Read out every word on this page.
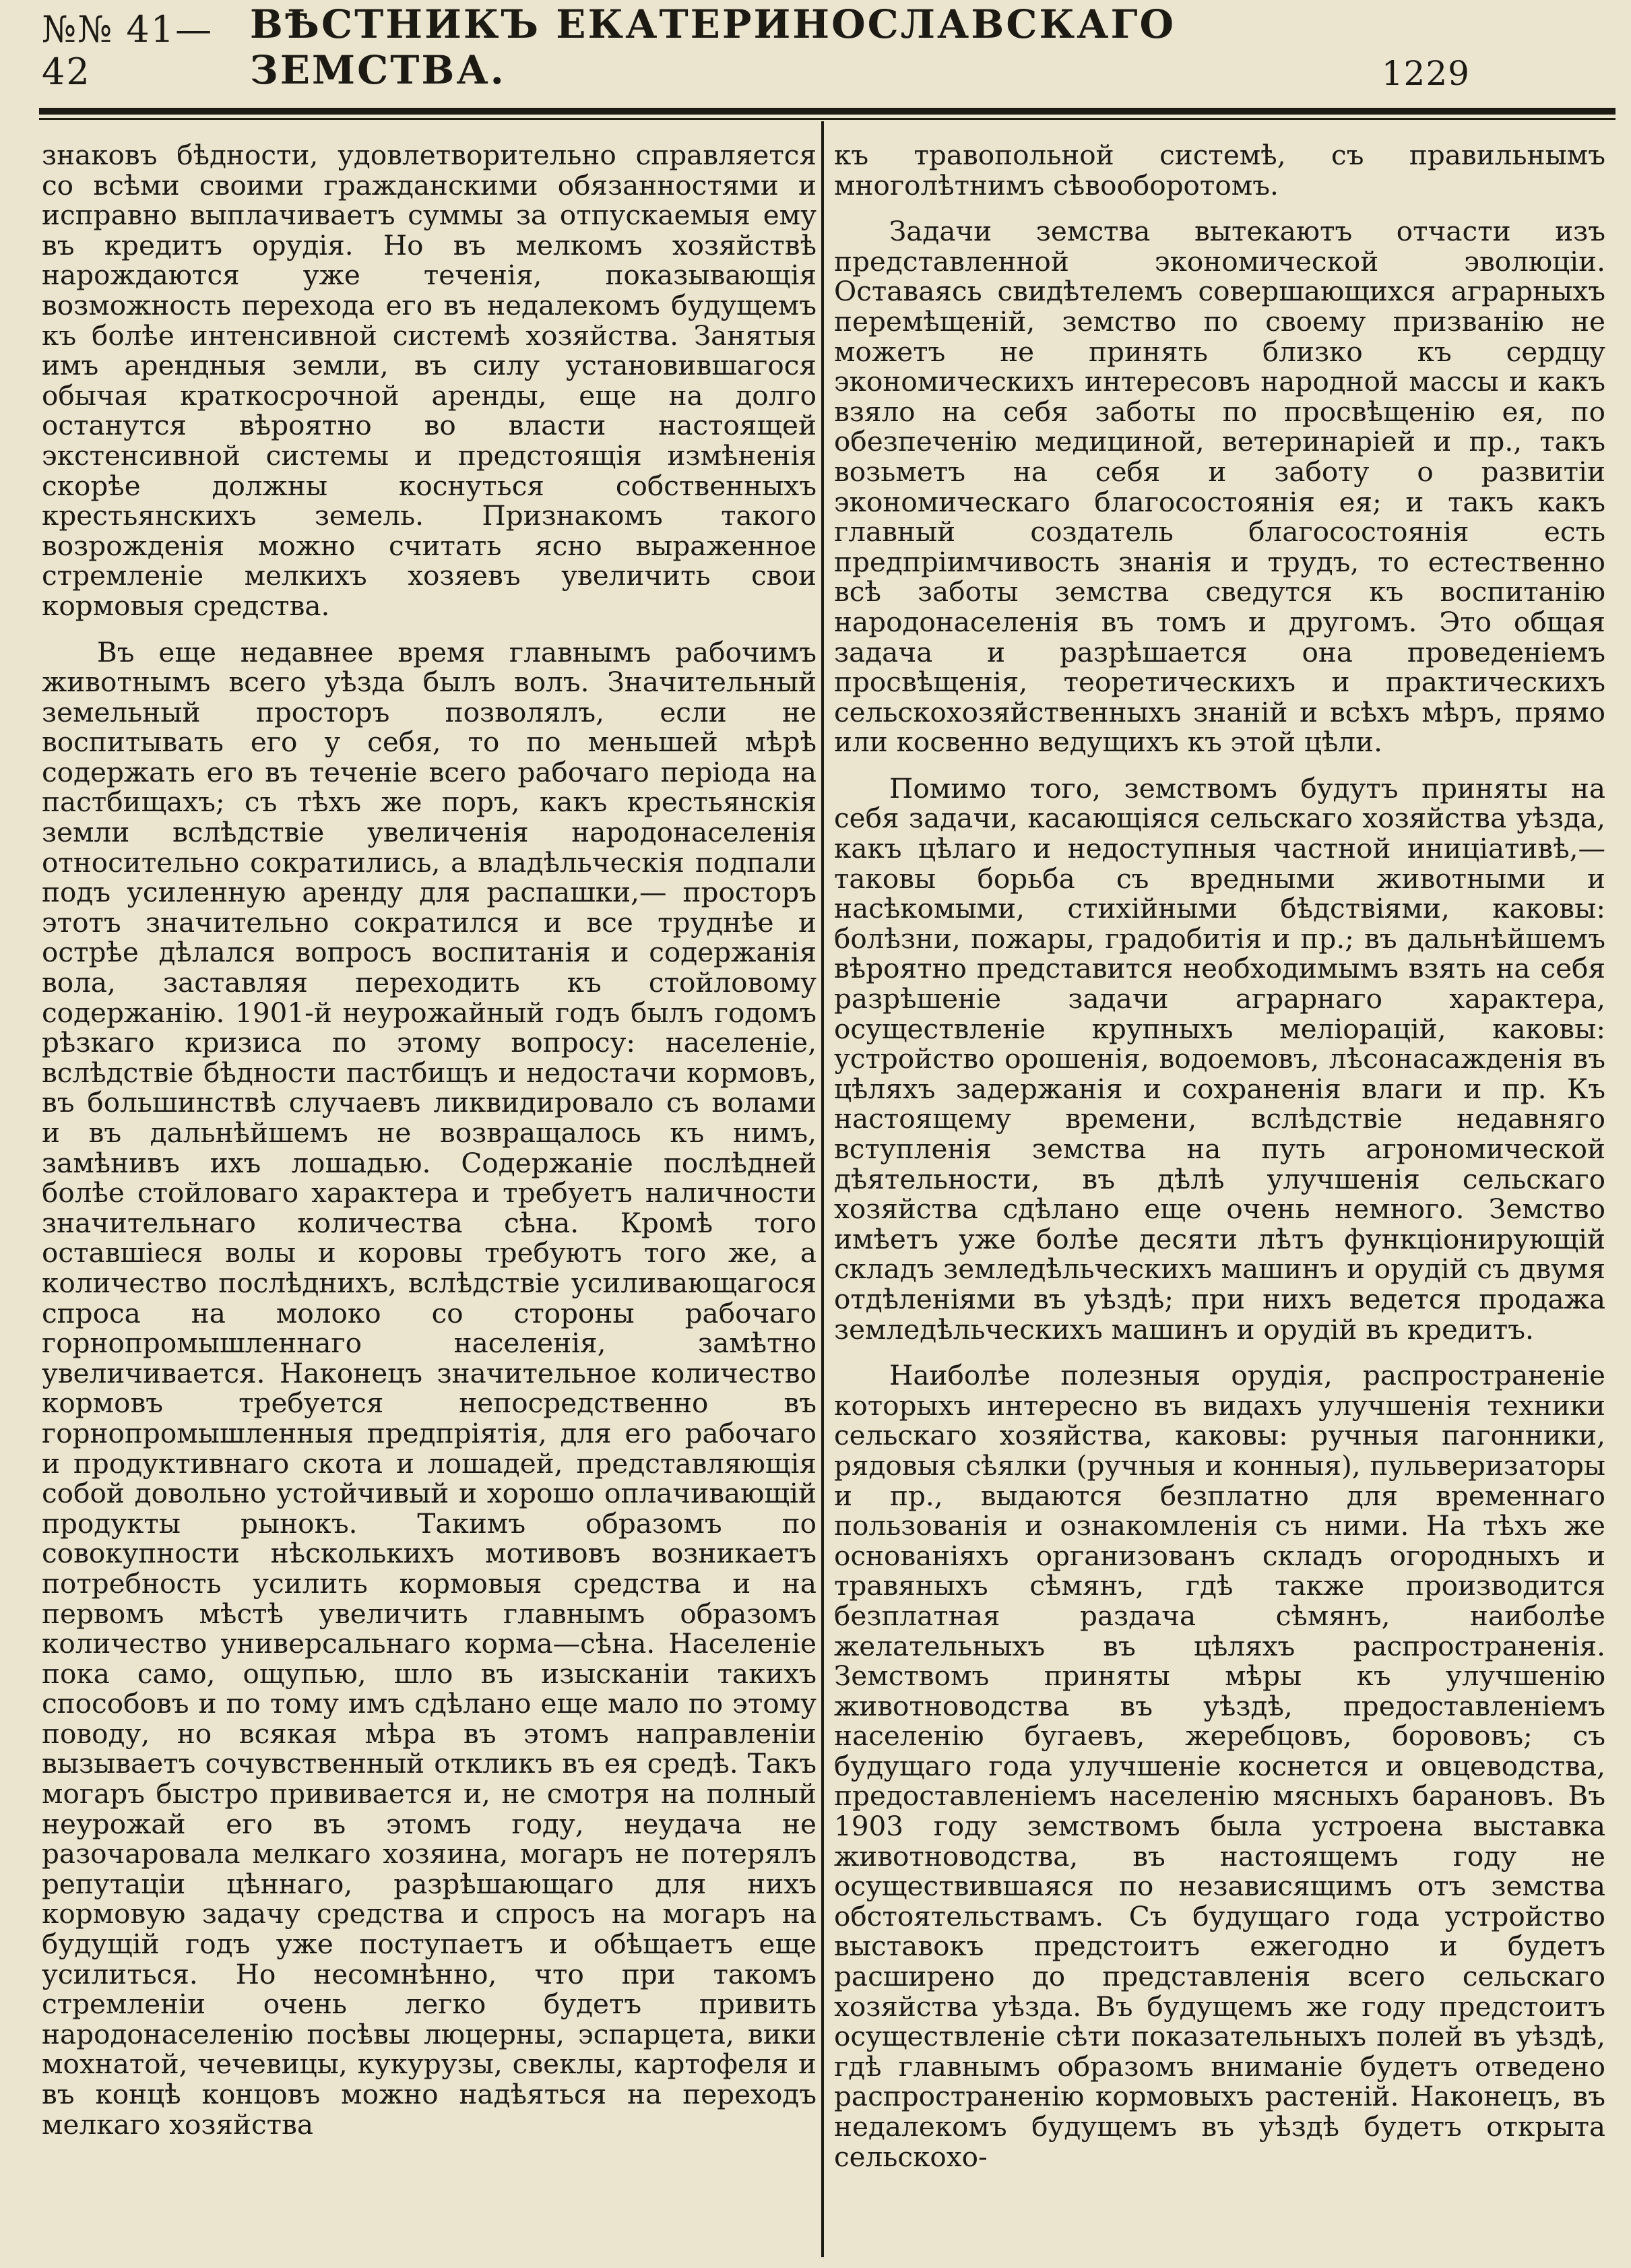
№№ 41—42
ВѢСТНИКЪ ЕКАТЕРИНОСЛАВСКАГО ЗЕМСТВА.	1229

знаковъ бѣдности, удовлетворительно справляется со всѣми своими гражданскими обязанностями и исправно выплачиваетъ суммы за отпускаемыя ему въ кредитъ орудія. Но въ мелкомъ хозяйствѣ нарождаются уже теченія, показывающія возможность перехода его въ недалекомъ будущемъ къ болѣе интенсивной системѣ хозяйства. Занятыя имъ арендныя земли, въ силу установившагося обычая краткосрочной аренды, еще на долго останутся вѣроятно во власти настоящей экстенсивной системы и предстоящія измѣненія скорѣе должны коснуться собственныхъ крестьянскихъ земель. Признакомъ такого возрожденія можно считать ясно выраженное стремленіе мелкихъ хозяевъ увеличить свои кормовыя средства.

Въ еще недавнее время главнымъ рабочимъ животнымъ всего уѣзда былъ волъ. Значительный земельный просторъ позволялъ, если не воспитывать его у себя, то по меньшей мѣрѣ содержать его въ теченіе всего рабочаго періода на пастбищахъ; съ тѣхъ же поръ, какъ крестьянскія земли вслѣдствіе увеличенія народонаселенія относительно сократились, а владѣльческія подпали подъ усиленную аренду для распашки,— просторъ этотъ значительно сократился и все труднѣе и острѣе дѣлался вопросъ воспитанія и содержанія вола, заставляя переходить къ стойловому содержанію. 1901-й неурожайный годъ былъ годомъ рѣзкаго кризиса по этому вопросу: населеніе, вслѣдствіе бѣдности пастбищъ и недостачи кормовъ, въ большинствѣ случаевъ ликвидировало съ волами и въ дальнѣйшемъ не возвращалось къ нимъ, замѣнивъ ихъ лошадью. Содержаніе послѣдней болѣе стойловаго характера и требуетъ наличности значительнаго количества сѣна. Кромѣ того оставшіеся волы и коровы требуютъ того же, а количество послѣднихъ, вслѣдствіе усиливающагося спроса на молоко со стороны рабочаго горнопромышленнаго населенія, замѣтно увеличивается. Наконецъ значительное количество кормовъ требуется непосредственно въ горнопромышленныя предпріятія, для его рабочаго и продуктивнаго скота и лошадей, представляющія собой довольно устойчивый и хорошо оплачивающій продукты рынокъ. Такимъ образомъ по совокупности нѣсколькихъ мотивовъ возникаетъ потребность усилить кормовыя средства и на первомъ мѣстѣ увеличить главнымъ образомъ количество универсальнаго корма—сѣна. Населеніе пока само, ощупью, шло въ изысканіи такихъ способовъ и по тому имъ сдѣлано еще мало по этому поводу, но всякая мѣра въ этомъ направленіи вызываетъ сочувственный откликъ въ ея средѣ. Такъ могаръ быстро прививается и, не смотря на полный неурожай его въ этомъ году, неудача не разочаровала мелкаго хозяина, могаръ не потерялъ репутаціи цѣннаго, разрѣшающаго для нихъ кормовую задачу средства и спросъ на могаръ на будущій годъ уже поступаетъ и обѣщаетъ еще усилиться. Но несомнѣнно, что при такомъ стремленіи очень легко будетъ привить народонаселенію посѣвы люцерны, эспарцета, вики мохнатой, чечевицы, кукурузы, свеклы, картофеля и въ концѣ концовъ можно надѣяться на переходъ мелкаго хозяйства

къ травопольной системѣ, съ правильнымъ многолѣтнимъ сѣвооборотомъ.

Задачи земства вытекаютъ отчасти изъ представленной экономической эволюціи. Оставаясь свидѣтелемъ совершающихся аграрныхъ перемѣщеній, земство по своему призванію не можетъ не принять близко къ сердцу экономическихъ интересовъ народной массы и какъ взяло на себя заботы по просвѣщенію ея, по обезпеченію медициной, ветеринаріей и пр., такъ возьметъ на себя и заботу о развитіи экономическаго благосостоянія ея; и такъ какъ главный создатель благосостоянія есть предпріимчивость знанія и трудъ, то естественно всѣ заботы земства сведутся къ воспитанію народонаселенія въ томъ и другомъ. Это общая задача и разрѣшается она проведеніемъ просвѣщенія, теоретическихъ и практическихъ сельскохозяйственныхъ знаній и всѣхъ мѣръ, прямо или косвенно ведущихъ къ этой цѣли.

Помимо того, земствомъ будутъ приняты на себя задачи, касающіяся сельскаго хозяйства уѣзда, какъ цѣлаго и недоступныя частной иниціативѣ,—таковы борьба съ вредными животными и насѣкомыми, стихійными бѣдствіями, каковы: болѣзни, пожары, градобитія и пр.; въ дальнѣйшемъ вѣроятно представится необходимымъ взять на себя разрѣшеніе задачи аграрнаго характера, осуществленіе крупныхъ меліорацій, каковы: устройство орошенія, водоемовъ, лѣсонасажденія въ цѣляхъ задержанія и сохраненія влаги и пр. Къ настоящему времени, вслѣдствіе недавняго вступленія земства на путь агрономической дѣятельности, въ дѣлѣ улучшенія сельскаго хозяйства сдѣлано еще очень немного. Земство имѣетъ уже болѣе десяти лѣтъ функціонирующій складъ земледѣльческихъ машинъ и орудій съ двумя отдѣленіями въ уѣздѣ; при нихъ ведется продажа земледѣльческихъ машинъ и орудій въ кредитъ.

Наиболѣе полезныя орудія, распространеніе которыхъ интересно въ видахъ улучшенія техники сельскаго хозяйства, каковы: ручныя пагонники, рядовыя сѣялки (ручныя и конныя), пульверизаторы и пр., выдаются безплатно для временнаго пользованія и ознакомленія съ ними. На тѣхъ же основаніяхъ организованъ складъ огородныхъ и травяныхъ сѣмянъ, гдѣ также производится безплатная раздача сѣмянъ, наиболѣе желательныхъ въ цѣляхъ распространенія. Земствомъ приняты мѣры къ улучшенію животноводства въ уѣздѣ, предоставленіемъ населенію бугаевъ, жеребцовъ, борововъ; съ будущаго года улучшеніе коснется и овцеводства, предоставленіемъ населенію мясныхъ барановъ. Въ 1903 году земствомъ была устроена выставка животноводства, въ настоящемъ году не осуществившаяся по независящимъ отъ земства обстоятельствамъ. Съ будущаго года устройство выставокъ предстоитъ ежегодно и будетъ расширено до представленія всего сельскаго хозяйства уѣзда. Въ будущемъ же году предстоитъ осуществленіе сѣти показательныхъ полей въ уѣздѣ, гдѣ главнымъ образомъ вниманіе будетъ отведено распространенію кормовыхъ растеній. Наконецъ, въ недалекомъ будущемъ въ уѣздѣ будетъ открыта сельскохо-
